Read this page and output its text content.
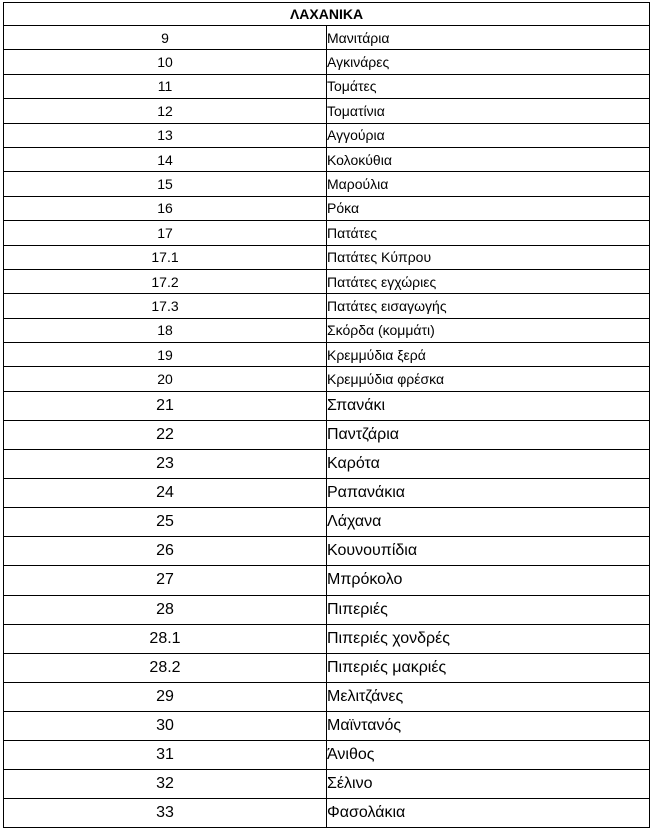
ΛΑΧΑΝΙΚΑ	
9	Μανιτάρια
10	Αγκινάρες
11	Τομάτες
12	Τοματίνια
13	Αγγούρια
14	Κολοκύθια
15	Μαρούλια
16	Ρόκα
17	Πατάτες
17.1	Πατάτες Κύπρου
17.2	Πατάτες εγχώριες
17.3	Πατάτες εισαγωγής
18	Σκόρδα (κομμάτι)
19	Κρεμμύδια ξερά
20	Κρεμμύδια φρέσκα
21	Σπανάκι
22	Παντζάρια
23	Καρότα
24	Ραπανάκια
25	Λάχανα
26	Κουνουπίδια
27	Μπρόκολο
28	Πιπεριές
28.1	Πιπεριές χονδρές
28.2	Πιπεριές μακριές
29	Μελιτζάνες
30	Μαϊντανός
31	Άνιθος
32	Σέλινο
33	Φασολάκια
